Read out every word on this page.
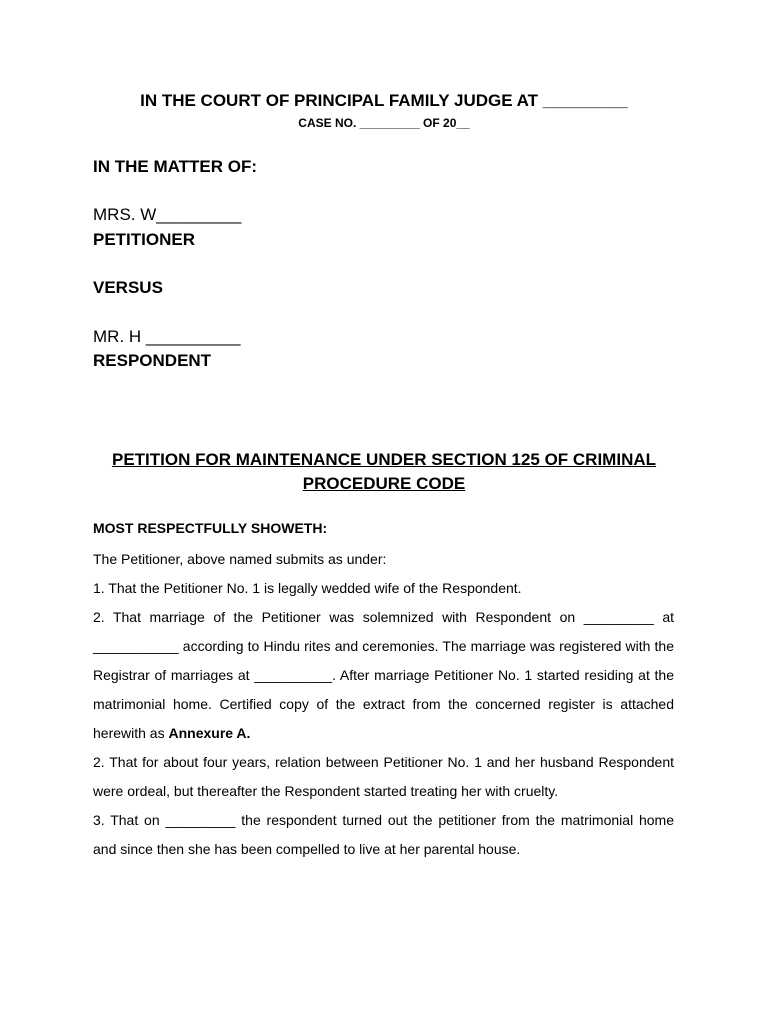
IN THE COURT OF PRINCIPAL FAMILY JUDGE AT _________
CASE NO. _________ OF 20__
IN THE MATTER OF:
MRS. W_________
PETITIONER
VERSUS
MR. H __________
RESPONDENT
PETITION FOR MAINTENANCE UNDER SECTION 125 OF CRIMINAL PROCEDURE CODE

MOST RESPECTFULLY SHOWETH:

The Petitioner, above named submits as under:

1. That the Petitioner No. 1 is legally wedded wife of the Respondent.

2. That marriage of the Petitioner was solemnized with Respondent on _________ at ___________ according to Hindu rites and ceremonies. The marriage was registered with the Registrar of marriages at __________. After marriage Petitioner No. 1 started residing at the matrimonial home. Certified copy of the extract from the concerned register is attached herewith as Annexure A.

2. That for about four years, relation between Petitioner No. 1 and her husband Respondent were ordeal, but thereafter the Respondent started treating her with cruelty.

3. That on _________ the respondent turned out the petitioner from the matrimonial home and since then she has been compelled to live at her parental house.
